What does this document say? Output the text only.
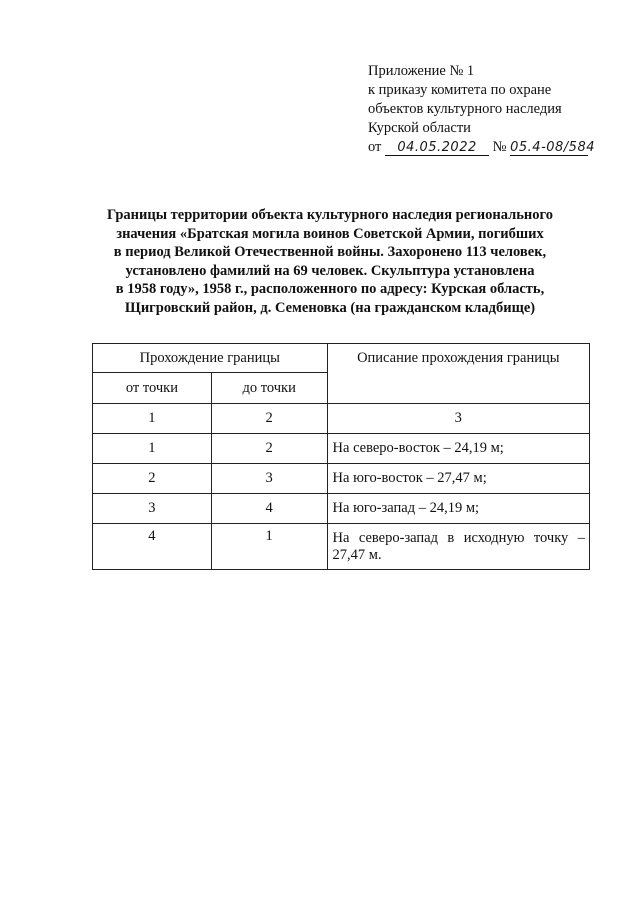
Приложение № 1
к приказу комитета по охране
объектов культурного наследия
Курской области
от 04.05.2022 № 05.4-08/584
Границы территории объекта культурного наследия регионального
значения «Братская могила воинов Советской Армии, погибших
в период Великой Отечественной войны. Захоронено 113 человек,
установлено фамилий на 69 человек. Скульптура установлена
в 1958 году», 1958 г., расположенного по адресу: Курская область,
Щигровский район, д. Семеновка (на гражданском кладбище)
Прохождение границы		Описание прохождения границы
от точки	до точки	
1	2	3
1	2	На северо-восток – 24,19 м;
2	3	На юго-восток – 27,47 м;
3	4	На юго-запад – 24,19 м;
4	1	На северо-запад в исходную точку – 27,47 м.
